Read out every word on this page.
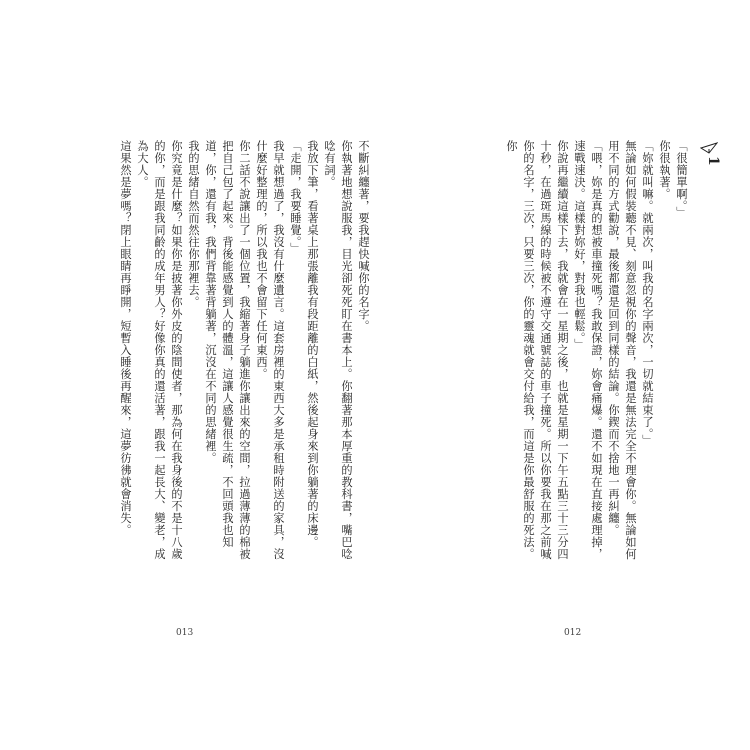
不斷糾纏著，要我趕快喊你的名字。

你執著地想說服我，目光卻死死盯在書本上。你翻著那本厚重的教科書，嘴巴唸唸有詞。

我放下筆，看著桌上那張離我有段距離的白紙，然後起身來到你躺著的床邊。

「走開，我要睡覺。」

我早就想過了，我沒有什麼遺言。這套房裡的東西大多是承租時附送的家具，沒什麼好整理的，所以我也不會留下任何東西。

你二話不說讓出了一個位置，我縮著身子躺進你讓出來的空間，拉過薄薄的棉被把自己包了起來。背後能感覺到人的體溫，這讓人感覺很生疏，不回頭我也知道，你，還有我，我們背靠著背躺著，沉沒在不同的思緒裡。

我的思緒自然而然往你那裡去。

你究竟是什麼？如果你是披著你外皮的陰間使者，那為何在我身後的不是十八歲的你，而是跟我同齡的成年男人？好像你真的還活著，跟我一起長大、變老，成為大人。

這果然是夢嗎？閉上眼睛再睜開，短暫入睡後再醒來，這夢彷彿就會消失。

013
1

「很簡單啊。」

你很執著。

「妳就叫嘛。就兩次，叫我的名字兩次，一切就結束了。」

無論如何假裝聽不見、刻意忽視你的聲音，我還是無法完全不理會你。無論如何用不同的方式勸說，最後都還是回到同樣的結論。你鍥而不捨地一再糾纏。

「喂，妳是真的想被車撞死嗎？我敢保證，妳會痛爆。還不如現在直接處理掉，速戰速決。這樣對妳好，對我也輕鬆。」

你說再繼續這樣下去，我就會在一星期之後，也就是星期一下午五點三十三分四十秒，在過斑馬線的時候被不遵守交通號誌的車子撞死。所以你要我在那之前喊你的名字，三次，只要三次，你的靈魂就會交付給我，而這是你最舒服的死法。你

012
